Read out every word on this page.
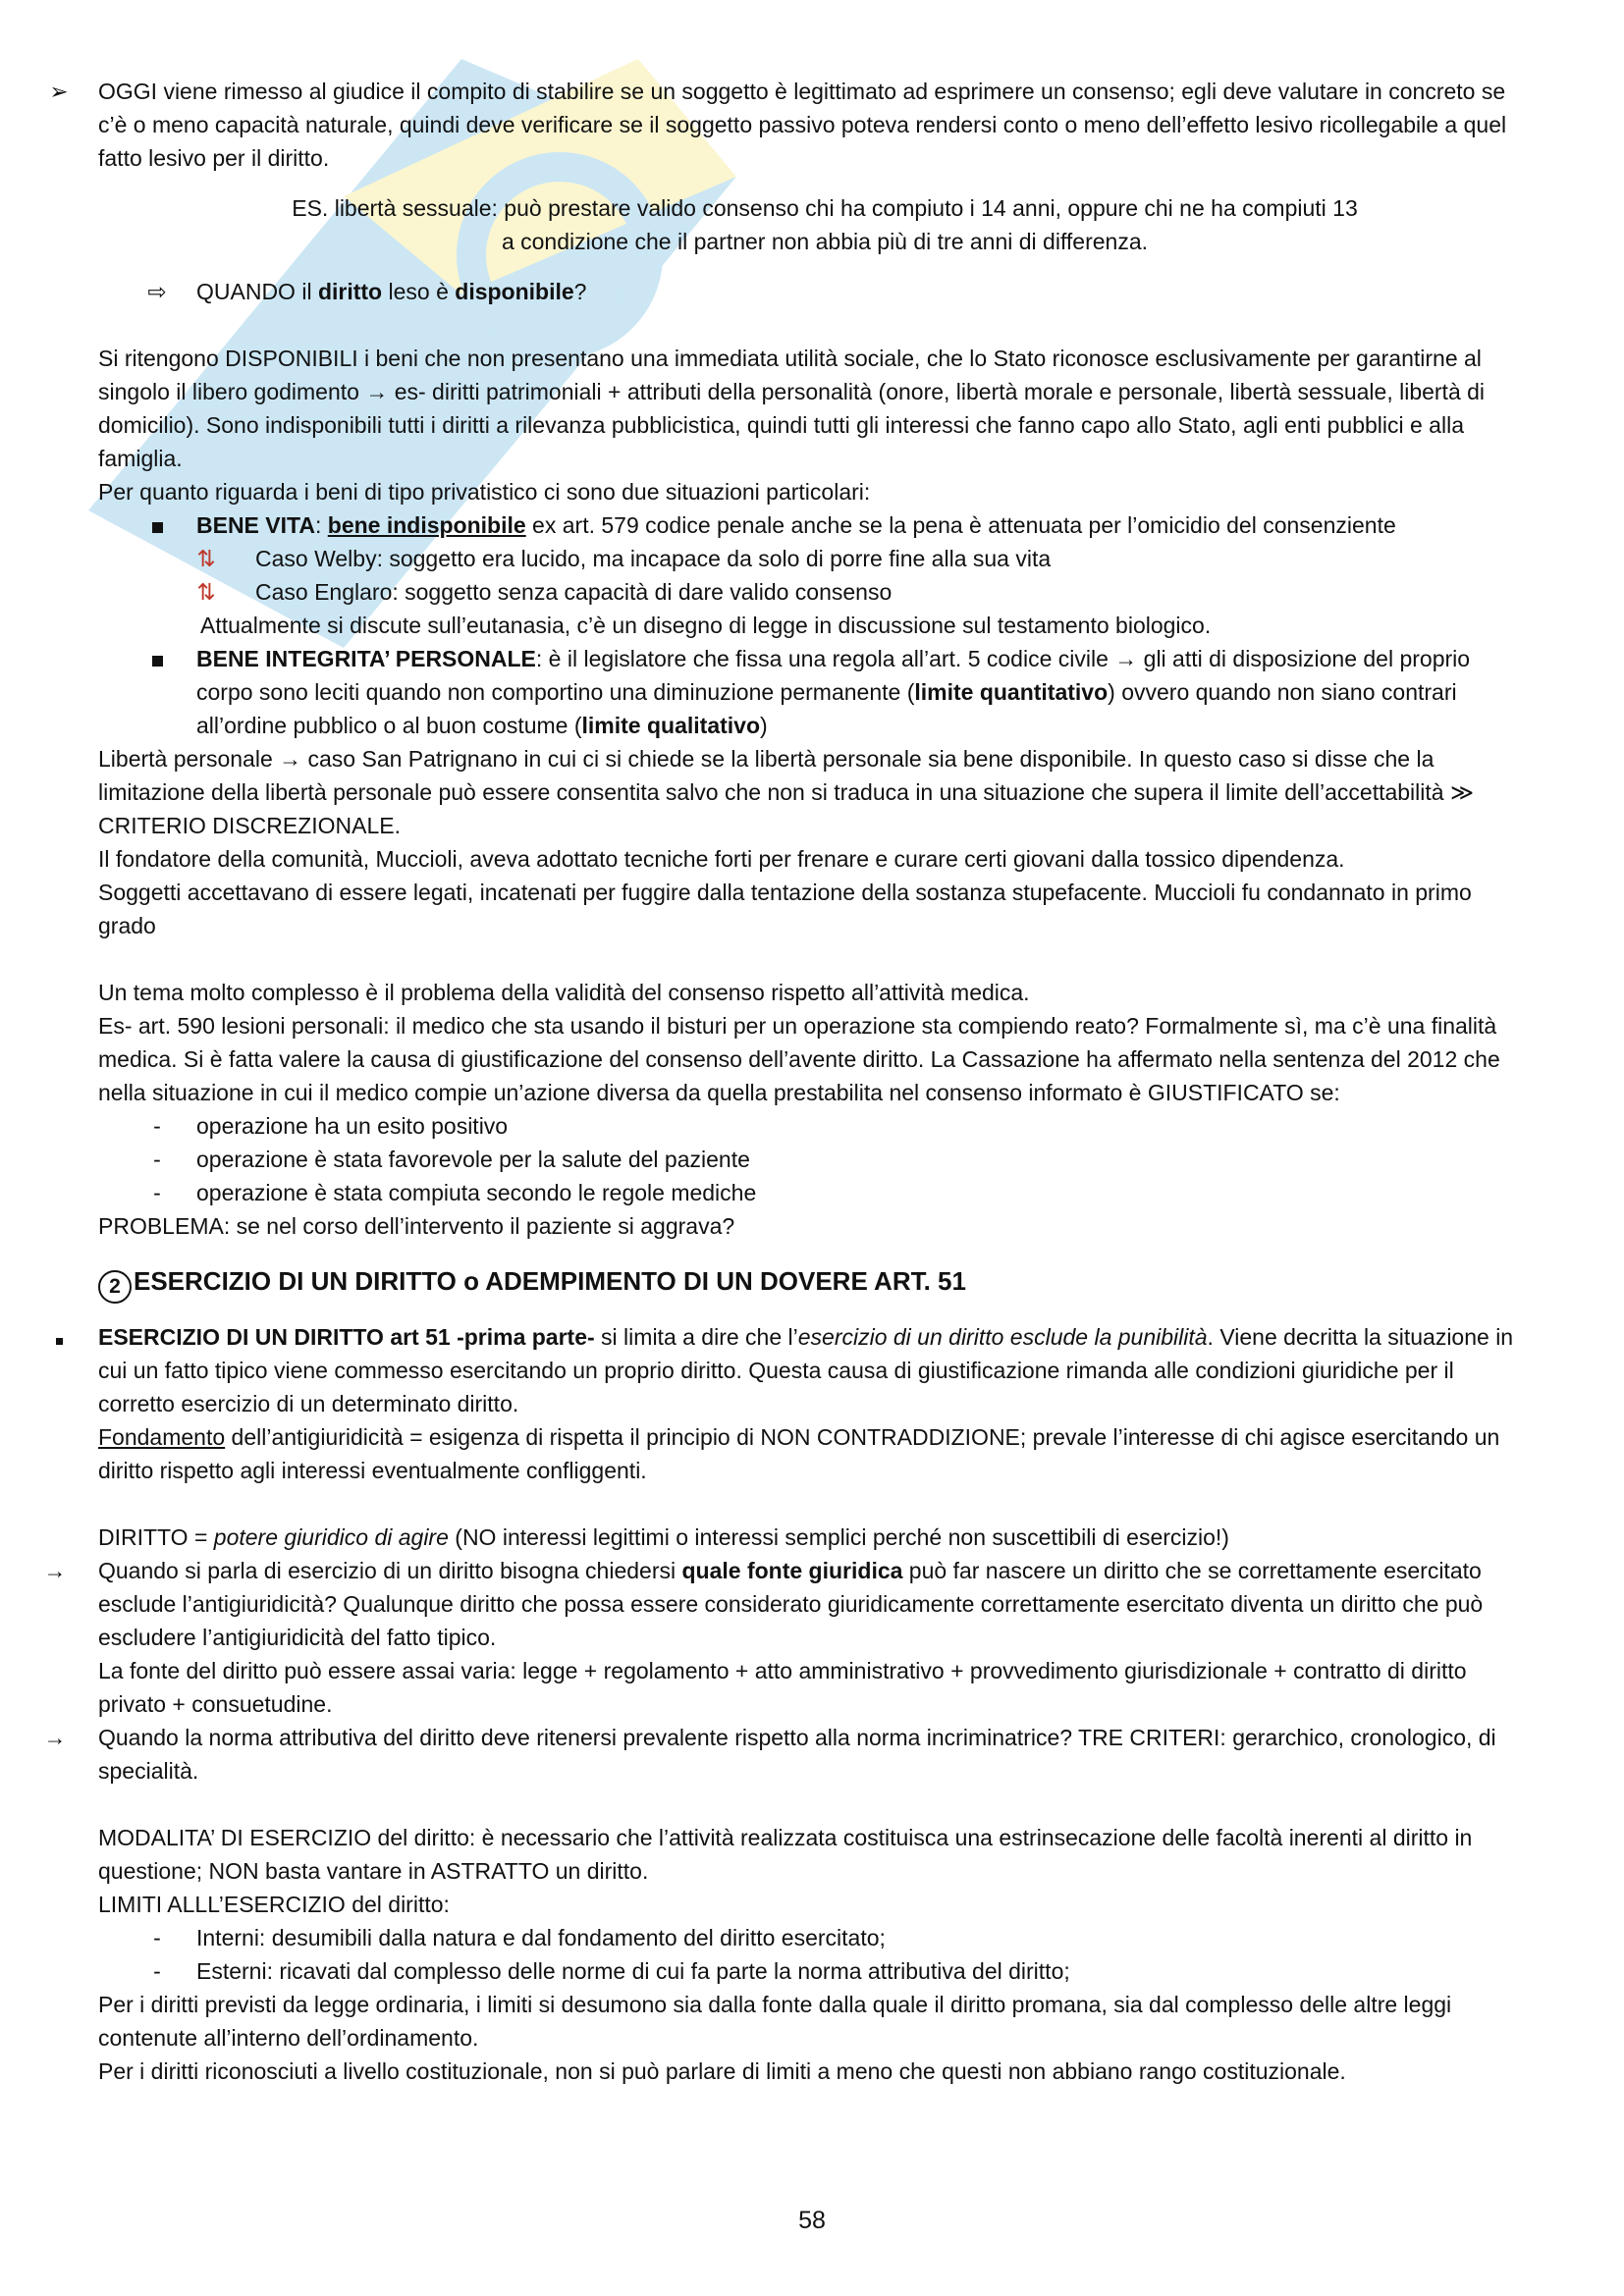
➢ OGGI viene rimesso al giudice il compito di stabilire se un soggetto è legittimato ad esprimere un consenso; egli deve valutare in concreto se c’è o meno capacità naturale, quindi deve verificare se il soggetto passivo poteva rendersi conto o meno dell’effetto lesivo ricollegabile a quel fatto lesivo per il diritto.

ES. libertà sessuale: può prestare valido consenso chi ha compiuto i 14 anni, oppure chi ne ha compiuti 13

a condizione che il partner non abbia più di tre anni di differenza.

⇨ QUANDO il diritto leso è disponibile?

Si ritengono DISPONIBILI i beni che non presentano una immediata utilità sociale, che lo Stato riconosce esclusivamente per garantirne al singolo il libero godimento → es- diritti patrimoniali + attributi della personalità (onore, libertà morale e personale, libertà sessuale, libertà di domicilio). Sono indisponibili tutti i diritti a rilevanza pubblicistica, quindi tutti gli interessi che fanno capo allo Stato, agli enti pubblici e alla famiglia.

Per quanto riguarda i beni di tipo privatistico ci sono due situazioni particolari:

BENE VITA: bene indisponibile ex art. 579 codice penale anche se la pena è attenuata per l’omicidio del consenziente
⇅ Caso Welby: soggetto era lucido, ma incapace da solo di porre fine alla sua vita
⇅ Caso Englaro: soggetto senza capacità di dare valido consenso

Attualmente si discute sull’eutanasia, c’è un disegno di legge in discussione sul testamento biologico.

BENE INTEGRITA’ PERSONALE: è il legislatore che fissa una regola all’art. 5 codice civile → gli atti di disposizione del proprio corpo sono leciti quando non comportino una diminuzione permanente (limite quantitativo) ovvero quando non siano contrari all’ordine pubblico o al buon costume (limite qualitativo)

Libertà personale → caso San Patrignano in cui ci si chiede se la libertà personale sia bene disponibile. In questo caso si disse che la limitazione della libertà personale può essere consentita salvo che non si traduca in una situazione che supera il limite dell’accettabilità ≫ CRITERIO DISCREZIONALE.

Il fondatore della comunità, Muccioli, aveva adottato tecniche forti per frenare e curare certi giovani dalla tossico dipendenza.

Soggetti accettavano di essere legati, incatenati per fuggire dalla tentazione della sostanza stupefacente. Muccioli fu condannato in primo grado

Un tema molto complesso è il problema della validità del consenso rispetto all’attività medica.

Es- art. 590 lesioni personali: il medico che sta usando il bisturi per un operazione sta compiendo reato? Formalmente sì, ma c’è una finalità medica. Si è fatta valere la causa di giustificazione del consenso dell’avente diritto. La Cassazione ha affermato nella sentenza del 2012 che nella situazione in cui il medico compie un’azione diversa da quella prestabilita nel consenso informato è GIUSTIFICATO se:

-	operazione ha un esito positivo
-	operazione è stata favorevole per la salute del paziente
-	operazione è stata compiuta secondo le regole mediche

PROBLEMA: se nel corso dell’intervento il paziente si aggrava?

2 ESERCIZIO DI UN DIRITTO o ADEMPIMENTO DI UN DOVERE ART. 51
ESERCIZIO DI UN DIRITTO art 51 -prima parte- si limita a dire che l’esercizio di un diritto esclude la punibilità. Viene decritta la situazione in cui un fatto tipico viene commesso esercitando un proprio diritto. Questa causa di giustificazione rimanda alle condizioni giuridiche per il corretto esercizio di un determinato diritto.

Fondamento dell’antigiuridicità = esigenza di rispetta il principio di NON CONTRADDIZIONE; prevale l’interesse di chi agisce esercitando un diritto rispetto agli interessi eventualmente confliggenti.

DIRITTO = potere giuridico di agire (NO interessi legittimi o interessi semplici perché non suscettibili di esercizio!)

→ Quando si parla di esercizio di un diritto bisogna chiedersi quale fonte giuridica può far nascere un diritto che se correttamente esercitato esclude l’antigiuridicità? Qualunque diritto che possa essere considerato giuridicamente correttamente esercitato diventa un diritto che può escludere l’antigiuridicità del fatto tipico.

La fonte del diritto può essere assai varia: legge + regolamento + atto amministrativo + provvedimento giurisdizionale + contratto di diritto privato + consuetudine.

→ Quando la norma attributiva del diritto deve ritenersi prevalente rispetto alla norma incriminatrice? TRE CRITERI: gerarchico, cronologico, di specialità.

MODALITA’ DI ESERCIZIO del diritto: è necessario che l’attività realizzata costituisca una estrinsecazione delle facoltà inerenti al diritto in questione; NON basta vantare in ASTRATTO un diritto.

LIMITI ALLL’ESERCIZIO del diritto:

-	Interni: desumibili dalla natura e dal fondamento del diritto esercitato;
-	Esterni: ricavati dal complesso delle norme di cui fa parte la norma attributiva del diritto;

Per i diritti previsti da legge ordinaria, i limiti si desumono sia dalla fonte dalla quale il diritto promana, sia dal complesso delle altre leggi contenute all’interno dell’ordinamento.

Per i diritti riconosciuti a livello costituzionale, non si può parlare di limiti a meno che questi non abbiano rango costituzionale.

58
